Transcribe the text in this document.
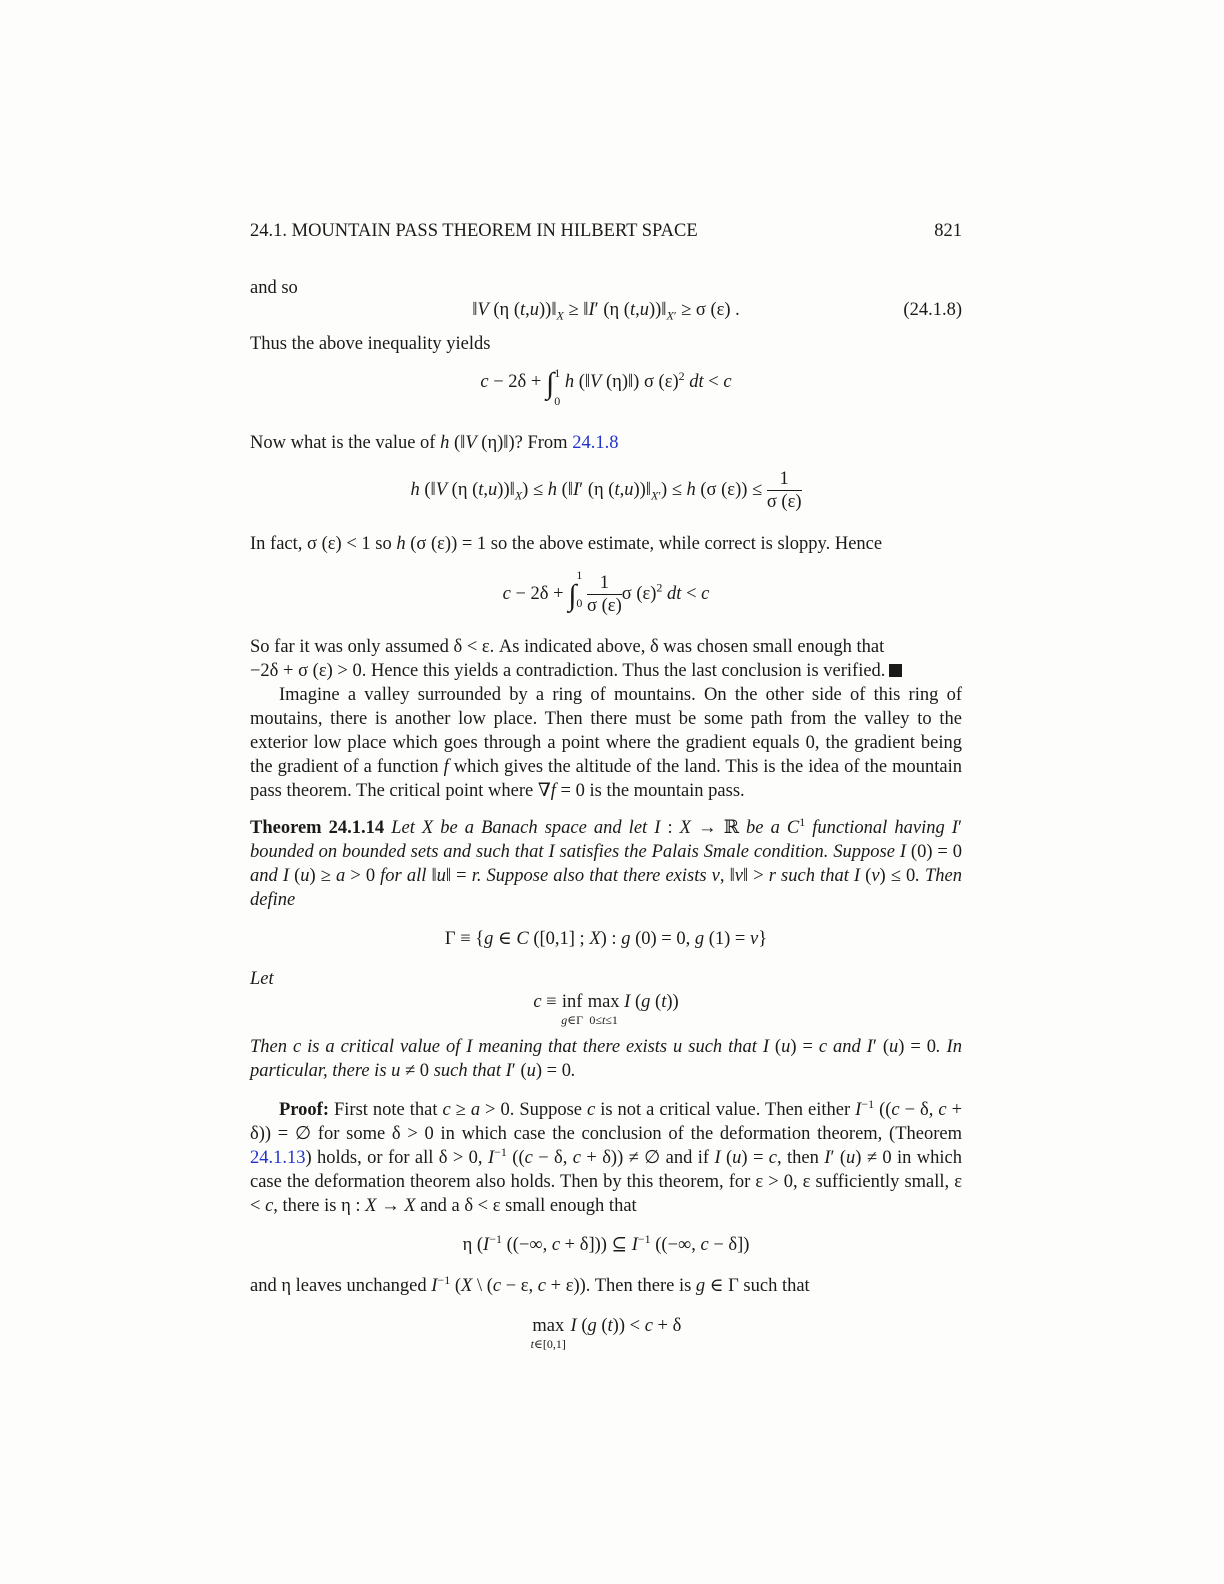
24.1. MOUNTAIN PASS THEOREM IN HILBERT SPACE	821
and so
‖V (η $(t,u))‖_X$ ≥ ‖I′ (η $(t,u))‖_{X'} \ge \sigma$ (ε) .	(24.1.8)
Thus the above inequality yields
c − 2δ + ∫1

0 h (‖V (η)‖) σ $(\varepsilon)^2$ dt < c
Now what is the value of h (‖V (η)‖)? From 24.1.8
h (‖V (η $(t,u))‖_X) \le h$ (‖I′ (η $(t,u))‖_{X'}) \le h$ (σ $(\varepsilon)) \le \frac{1}{\sigma (\varepsilon)}$
In fact, σ (ε) < 1 so h (σ (ε)) = 1 so the above estimate, while correct is sloppy. Hence
c − 2δ + ∫1

$0 \frac{1}{\sigma (\varepsilon)}$ σ $(\varepsilon)^2$ dt < c
So far it was only assumed δ < ε. As indicated above, δ was chosen small enough that
−2δ + σ (ε) > 0. Hence this yields a contradiction. Thus the last conclusion is verified.
Imagine a valley surrounded by a ring of mountains. On the other side of this ring of moutains, there is another low place. Then there must be some path from the valley to the exterior low place which goes through a point where the gradient equals 0, the gradient being the gradient of a function f which gives the altitude of the land. This is the idea of the mountain pass theorem. The critical point where ∇f = 0 is the mountain pass.
Theorem 24.1.14 Let X be a Banach space and let I : X → ℝ be a $C^1$ functional having I′ bounded on bounded sets and such that I satisfies the Palais Smale condition. Suppose I (0) = 0 and I (u) ≥ a > 0 for all ‖u‖ = r. Suppose also that there exists v, ‖v‖ > r such that I (v) ≤ 0. Then define
Γ ≡ {g ∈ C ([0,1] ; X) : g (0) = 0, g (1) = v}
Let
c ≡ inf
g∈Γ
max
0≤t≤1
I (g (t))
Then c is a critical value of I meaning that there exists u such that I (u) = c and I′ (u) = 0. In particular, there is u ≠ 0 such that I′ (u) = 0.
Proof: First note that c ≥ a > 0. Suppose c is not a critical value. Then either $I^{-1}$ ((c − δ, c + δ)) = ∅ for some δ > 0 in which case the conclusion of the deformation theorem, (Theorem 24.1.13) holds, or for all δ > 0, $I^{-1}$ ((c − δ, c + δ)) ≠ ∅ and if I (u) = c, then I′ (u) ≠ 0 in which case the deformation theorem also holds. Then by this theorem, for ε > 0, ε sufficiently small, ε < c, there is η : X → X and a δ < ε small enough that
η ($I^{-1}$ ((−∞, c + δ])) ⊆ $I^{-1}$ ((−∞, c − δ])
and η leaves unchanged $I^{-1}$ (X \ (c − ε, c + ε)). Then there is g ∈ Γ such that
max
t∈[0,1]
I (g (t)) < c + δ
